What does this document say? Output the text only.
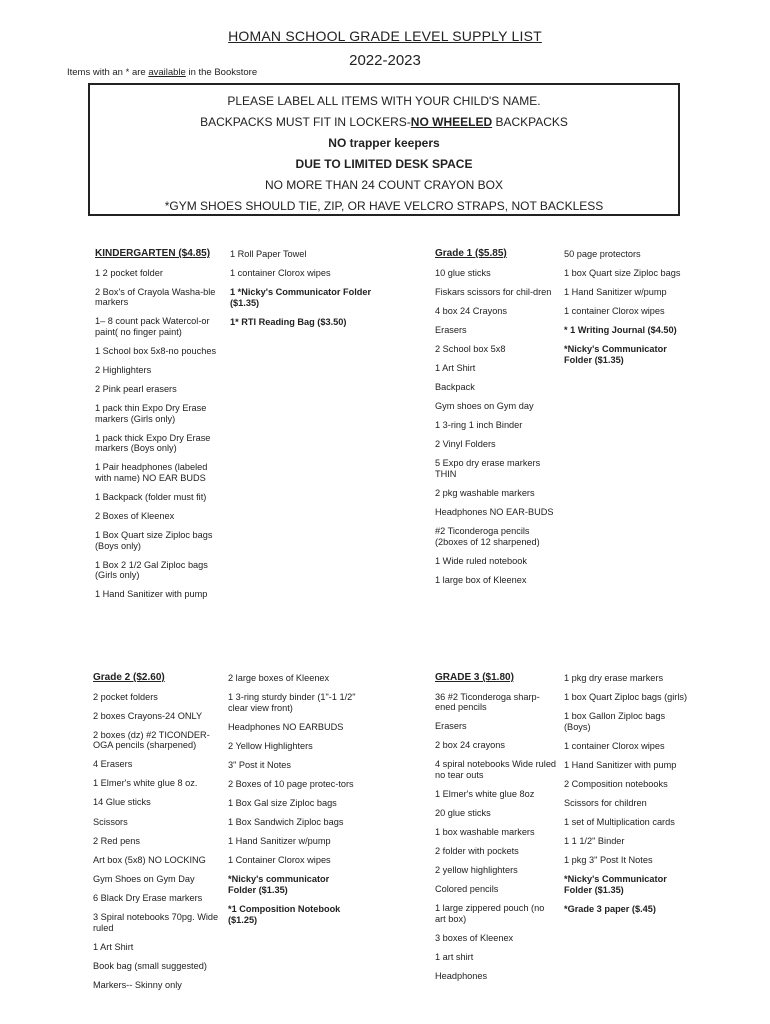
HOMAN SCHOOL GRADE LEVEL SUPPLY LIST
2022-2023
Items with an * are available in the Bookstore
PLEASE LABEL ALL ITEMS WITH YOUR CHILD'S NAME.
BACKPACKS MUST FIT IN LOCKERS-NO WHEELED BACKPACKS
NO trapper keepers
DUE TO LIMITED DESK SPACE
NO MORE THAN 24 COUNT CRAYON BOX
*GYM SHOES SHOULD TIE, ZIP, OR HAVE VELCRO STRAPS, NOT BACKLESS
KINDERGARTEN ($4.85)
1 2 pocket folder
2 Box's of Crayola Washa-ble markers
1– 8 count pack Watercol-or paint( no finger paint)
1 School box 5x8-no pouches
2 Highlighters
2 Pink pearl erasers
1 pack thin Expo Dry Erase markers (Girls only)
1 pack thick Expo Dry Erase markers (Boys only)
1 Pair headphones (labeled with name) NO EAR BUDS
1 Backpack (folder must fit)
2 Boxes of Kleenex
1 Box Quart size Ziploc bags (Boys only)
1 Box 2 1/2 Gal Ziploc bags (Girls only)
1 Hand Sanitizer with pump
1 Roll Paper Towel
1 container Clorox wipes
1 *Nicky's Communicator Folder ($1.35)
1* RTI Reading Bag ($3.50)
Grade 1 ($5.85)
10 glue sticks
Fiskars scissors for chil-dren
4 box 24 Crayons
Erasers
2 School box 5x8
1 Art Shirt
Backpack
Gym shoes on Gym day
1 3-ring 1 inch Binder
2 Vinyl Folders
5 Expo dry erase markers THIN
2 pkg washable markers
Headphones NO EAR-BUDS
#2 Ticonderoga pencils (2boxes of 12 sharpened)
1 Wide ruled notebook
1 large box of Kleenex
50 page protectors
1 box Quart size Ziploc bags
1 Hand Sanitizer w/pump
1 container Clorox wipes
* 1 Writing Journal ($4.50)
*Nicky's Communicator Folder ($1.35)
Grade 2 ($2.60)
2 pocket folders
2 boxes Crayons-24 ONLY
2 boxes (dz) #2 TICONDER-OGA pencils (sharpened)
4 Erasers
1 Elmer's white glue 8 oz.
14 Glue sticks
Scissors
2 Red pens
Art box (5x8) NO LOCKING
Gym Shoes on Gym Day
6 Black Dry Erase markers
3 Spiral notebooks 70pg. Wide ruled
1 Art Shirt
Book bag (small suggested)
Markers-- Skinny only
2 large boxes of Kleenex
1 3-ring sturdy binder (1"-1 1/2" clear view front)
Headphones NO EARBUDS
2 Yellow Highlighters
3" Post it Notes
2 Boxes of 10 page protec-tors
1 Box Gal size Ziploc bags
1 Box Sandwich Ziploc bags
1 Hand Sanitizer w/pump
1 Container Clorox wipes
*Nicky's communicator Folder ($1.35)
*1 Composition Notebook ($1.25)
GRADE 3 ($1.80)
36 #2 Ticonderoga sharp-ened pencils
Erasers
2 box 24 crayons
4 spiral notebooks Wide ruled no tear outs
1 Elmer's white glue 8oz
20 glue sticks
1 box washable markers
2 folder with pockets
2 yellow highlighters
Colored pencils
1 large zippered pouch (no art box)
3 boxes of Kleenex
1 art shirt
Headphones
1 pkg dry erase markers
1 box Quart Ziploc bags (girls)
1 box Gallon Ziploc bags (Boys)
1 container Clorox wipes
1 Hand Sanitizer with pump
2 Composition notebooks
Scissors for children
1 set of Multiplication cards
1 1 1/2" Binder
1 pkg 3" Post It Notes
*Nicky's Communicator Folder ($1.35)
*Grade 3 paper ($.45)
